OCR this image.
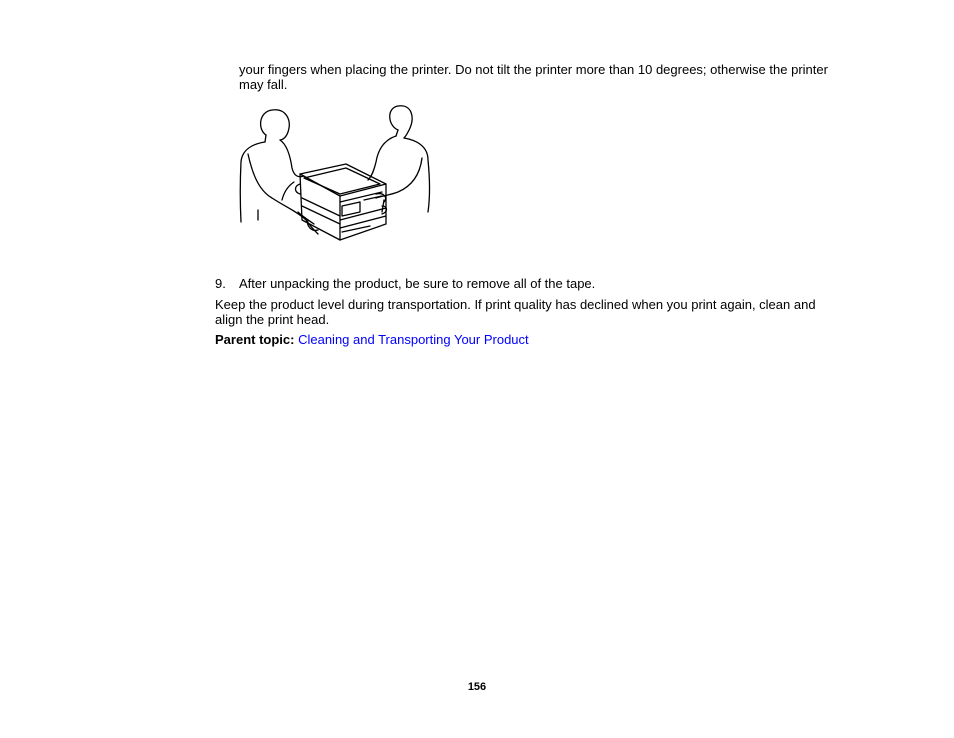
your fingers when placing the printer. Do not tilt the printer more than 10 degrees; otherwise the printer may fall.

9. After unpacking the product, be sure to remove all of the tape.

Keep the product level during transportation. If print quality has declined when you print again, clean and align the print head.

Parent topic: Cleaning and Transporting Your Product

156
